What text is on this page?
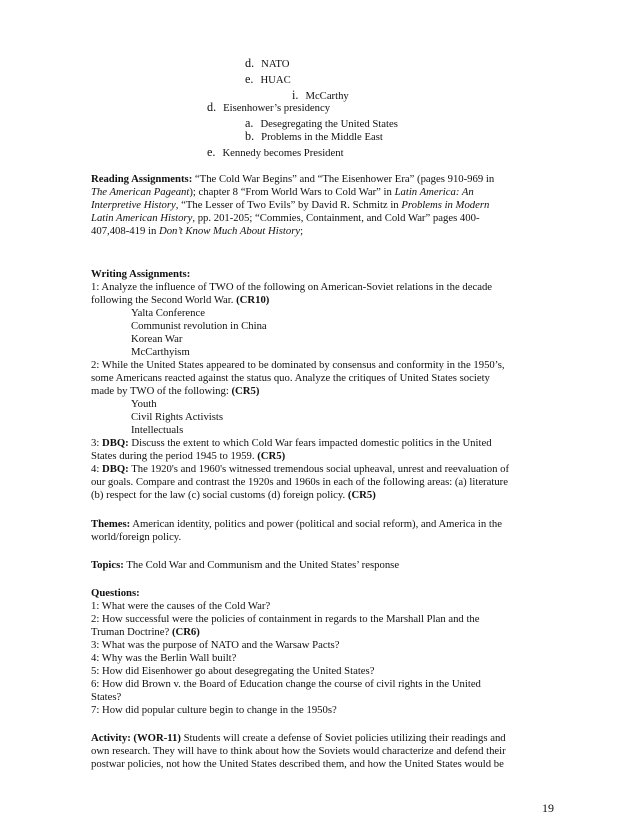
d. NATO
e. HUAC
i. McCarthy
d. Eisenhower’s presidency
a. Desegregating the United States
b. Problems in the Middle East
e. Kennedy becomes President
Reading Assignments: “The Cold War Begins” and “The Eisenhower Era” (pages 910-969 in
The American Pageant); chapter 8 “From World Wars to Cold War” in Latin America: An
Interpretive History, “The Lesser of Two Evils” by David R. Schmitz in Problems in Modern
Latin American History, pp. 201-205; “Commies, Containment, and Cold War” pages 400-
407,408-419 in Don’t Know Much About History;
Writing Assignments:
1: Analyze the influence of TWO of the following on American-Soviet relations in the decade
following the Second World War. (CR10)
Yalta Conference
Communist revolution in China
Korean War
McCarthyism
2: While the United States appeared to be dominated by consensus and conformity in the 1950’s,
some Americans reacted against the status quo. Analyze the critiques of United States society
made by TWO of the following: (CR5)
Youth
Civil Rights Activists
Intellectuals
3: DBQ: Discuss the extent to which Cold War fears impacted domestic politics in the United
States during the period 1945 to 1959. (CR5)
4: DBQ: The 1920's and 1960's witnessed tremendous social upheaval, unrest and reevaluation of
our goals. Compare and contrast the 1920s and 1960s in each of the following areas: (a) literature
(b) respect for the law (c) social customs (d) foreign policy. (CR5)
Themes: American identity, politics and power (political and social reform), and America in the
world/foreign policy.
Topics: The Cold War and Communism and the United States’ response
Questions:
1: What were the causes of the Cold War?
2: How successful were the policies of containment in regards to the Marshall Plan and the
Truman Doctrine? (CR6)
3: What was the purpose of NATO and the Warsaw Pacts?
4: Why was the Berlin Wall built?
5: How did Eisenhower go about desegregating the United States?
6: How did Brown v. the Board of Education change the course of civil rights in the United
States?
7: How did popular culture begin to change in the 1950s?
Activity: (WOR-11) Students will create a defense of Soviet policies utilizing their readings and
own research. They will have to think about how the Soviets would characterize and defend their
postwar policies, not how the United States described them, and how the United States would be
19
